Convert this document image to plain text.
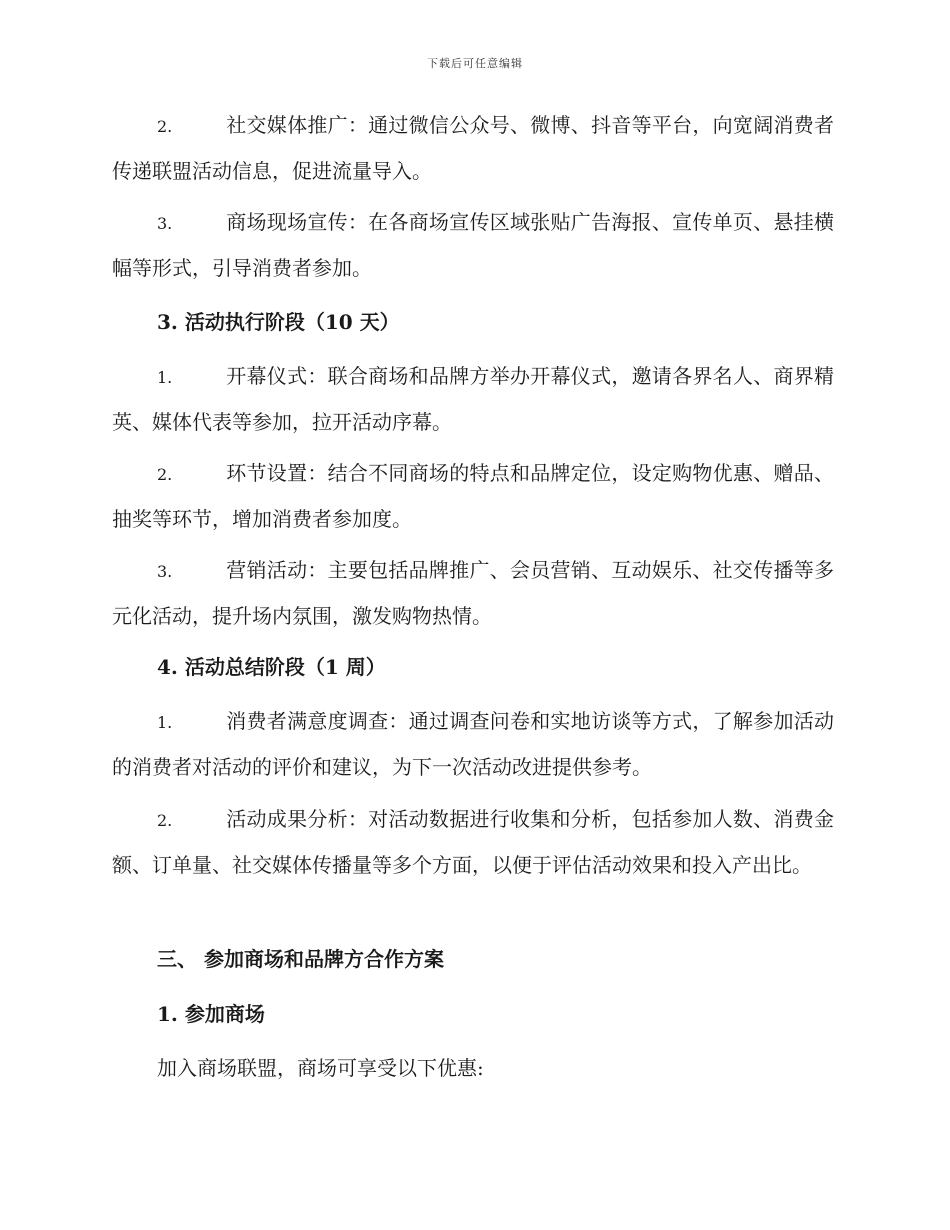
下载后可任意编辑

2.	社交媒体推广：通过微信公众号、微博、抖音等平台，向宽阔消费者传递联盟活动信息，促进流量导入。

3.	商场现场宣传：在各商场宣传区域张贴广告海报、宣传单页、悬挂横幅等形式，引导消费者参加。

3. 活动执行阶段（10 天）

1.	开幕仪式：联合商场和品牌方举办开幕仪式，邀请各界名人、商界精英、媒体代表等参加，拉开活动序幕。

2.	环节设置：结合不同商场的特点和品牌定位，设定购物优惠、赠品、抽奖等环节，增加消费者参加度。

3.	营销活动：主要包括品牌推广、会员营销、互动娱乐、社交传播等多元化活动，提升场内氛围，激发购物热情。

4. 活动总结阶段（1 周）

1.	消费者满意度调查：通过调查问卷和实地访谈等方式，了解参加活动的消费者对活动的评价和建议，为下一次活动改进提供参考。

2.	活动成果分析：对活动数据进行收集和分析，包括参加人数、消费金额、订单量、社交媒体传播量等多个方面，以便于评估活动效果和投入产出比。

三、 参加商场和品牌方合作方案
1. 参加商场
加入商场联盟，商场可享受以下优惠:
